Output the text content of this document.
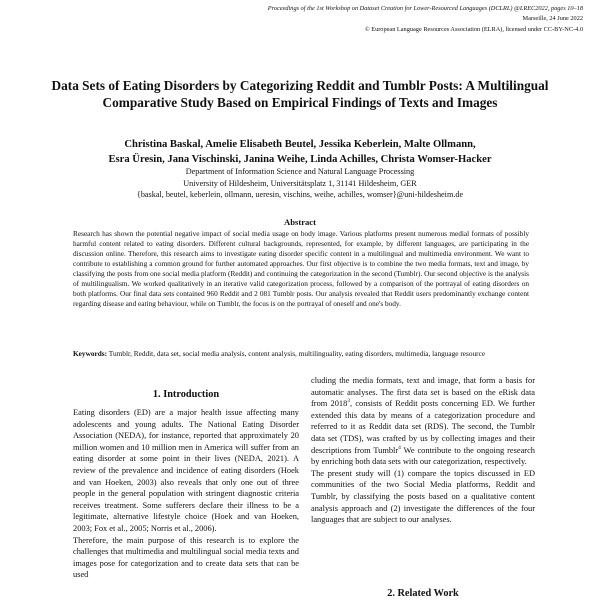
Proceedings of the 1st Workshop on Dataset Creation for Lower-Resourced Languages (DCLRL) @LREC2022, pages 10–18
Marseille, 24 June 2022
© European Language Resources Association (ELRA), licensed under CC-BY-NC-4.0
Data Sets of Eating Disorders by Categorizing Reddit and Tumblr Posts: A Multilingual Comparative Study Based on Empirical Findings of Texts and Images
Christina Baskal, Amelie Elisabeth Beutel, Jessika Keberlein, Malte Ollmann,
Esra Üresin, Jana Vischinski, Janina Weihe, Linda Achilles, Christa Womser-Hacker
Department of Information Science and Natural Language Processing
University of Hildesheim, Universitätsplatz 1, 31141 Hildesheim, GER
{baskal, beutel, keberlein, ollmann, ueresin, vischins, weihe, achilles, womser}@uni-hildesheim.de
Abstract
Research has shown the potential negative impact of social media usage on body image. Various platforms present numerous medial formats of possibly harmful content related to eating disorders. Different cultural backgrounds, represented, for example, by different languages, are participating in the discussion online. Therefore, this research aims to investigate eating disorder specific content in a multilingual and multimedia environment. We want to contribute to establishing a common ground for further automated approaches. Our first objective is to combine the two media formats, text and image, by classifying the posts from one social media platform (Reddit) and continuing the categorization in the second (Tumblr). Our second objective is the analysis of multilingualism. We worked qualitatively in an iterative valid categorization process, followed by a comparison of the portrayal of eating disorders on both platforms. Our final data sets contained 960 Reddit and 2 081 Tumblr posts. Our analysis revealed that Reddit users predominantly exchange content regarding disease and eating behaviour, while on Tumblr, the focus is on the portrayal of oneself and one's body.
Keywords: Tumblr, Reddit, data set, social media analysis, content analysis, multilinguality, eating disorders, multimedia, language resource
1. Introduction

Eating disorders (ED) are a major health issue affecting many adolescents and young adults. The National Eating Disorder Association (NEDA), for instance, reported that approximately 20 million women and 10 million men in America will suffer from an eating disorder at some point in their lives (NEDA, 2021). A review of the prevalence and incidence of eating disorders (Hoek and van Hoeken, 2003) also reveals that only one out of three people in the general population with stringent diagnostic criteria receives treatment. Some sufferers declare their illness to be a legitimate, alternative lifestyle choice (Hoek and van Hoeken, 2003; Fox et al., 2005; Norris et al., 2006).

Therefore, the main purpose of this research is to explore the challenges that multimedia and multilingual social media texts and images pose for categorization and to create data sets that can be used

cluding the media formats, text and image, that form a basis for automatic analyses. The first data set is based on the eRisk data from 2018$^3$, consists of Reddit posts concerning ED. We further extended this data by means of a categorization procedure and referred to it as Reddit data set (RDS). The second, the Tumblr data set (TDS), was crafted by us by collecting images and their descriptions from Tumblr$^4$ We contribute to the ongoing research by enriching both data sets with our categorization, respectively.

The present study will (1) compare the topics discussed in ED communities of the two Social Media platforms, Reddit and Tumblr, by classifying the posts based on a qualitative content analysis approach and (2) investigate the differences of the four languages that are subject to our analyses.

2. Related Work
